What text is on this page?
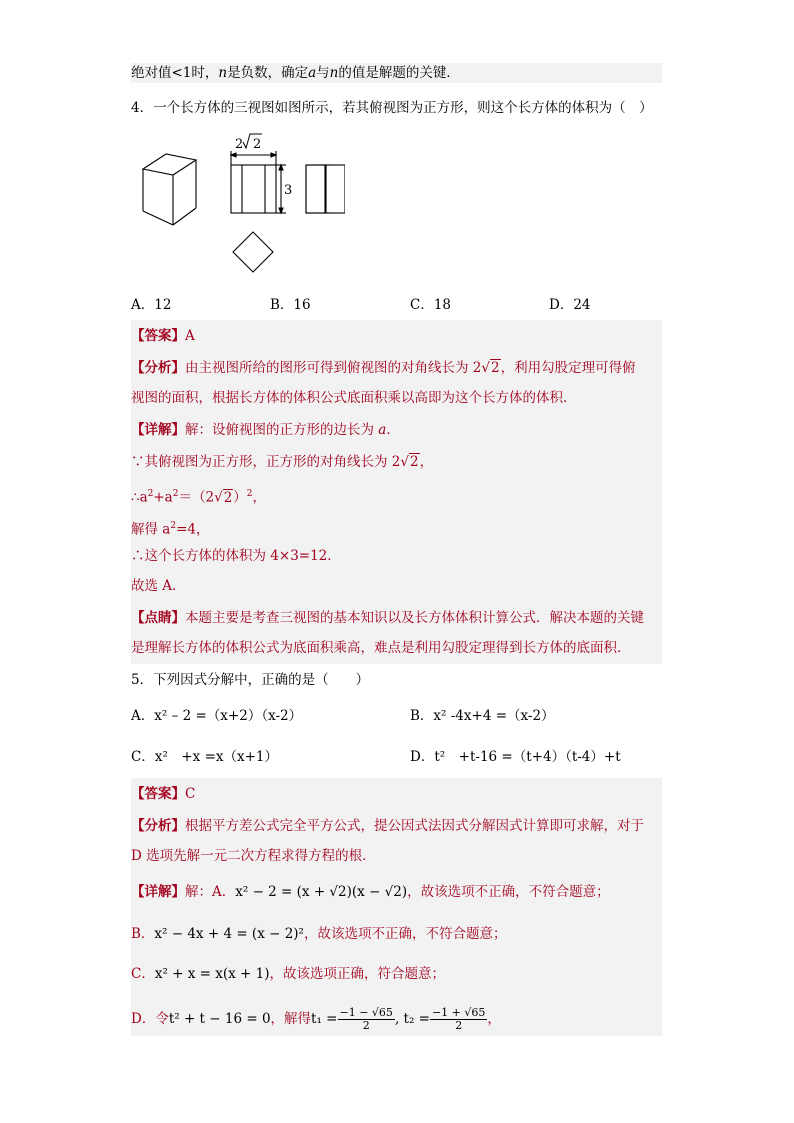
绝对值<1时，n是负数，确定a与n的值是解题的关键．
4．一个长方体的三视图如图所示，若其俯视图为正方形，则这个长方体的体积为（　）
2 2
3
A．12	B．16	C．18	D．24
【答案】A
【分析】由主视图所给的图形可得到俯视图的对角线长为 2√2，利用勾股定理可得俯
视图的面积，根据长方体的体积公式底面积乘以高即为这个长方体的体积．
【详解】解：设俯视图的正方形的边长为 a．
∵其俯视图为正方形，正方形的对角线长为 2√2，
$\therefore a^2+a^2=(2√2)^2$，
解得 $a^2=4$，
∴这个长方体的体积为 4×3=12．
故选 A．
【点睛】本题主要是考查三视图的基本知识以及长方体体积计算公式．解决本题的关键
是理解长方体的体积公式为底面积乘高，难点是利用勾股定理得到长方体的底面积．
5．下列因式分解中，正确的是（　　）
A．x² – 2 =（x+2）（x-2）	B．x² -4x+4 =（x-2）
C．x²　+x =x（x+1）	D．t²　+t-16 =（t+4）（t-4）+t
【答案】C
【分析】根据平方差公式完全平方公式，提公因式法因式分解因式计算即可求解，对于
D 选项先解一元二次方程求得方程的根．
【详解】解：A．x² − 2 = (x + √2)(x − √2)，故该选项不正确，不符合题意；
B．x² − 4x + 4 = (x − 2)²，故该选项不正确，不符合题意；
C．x² + x = x(x + 1)，故该选项正确，符合题意；
D．令t² + t − 16 = 0，解得$t_1 = \frac{-1 - √65}{2}$ , $t_2 = \frac{-1 + √65}{2}$ ，
